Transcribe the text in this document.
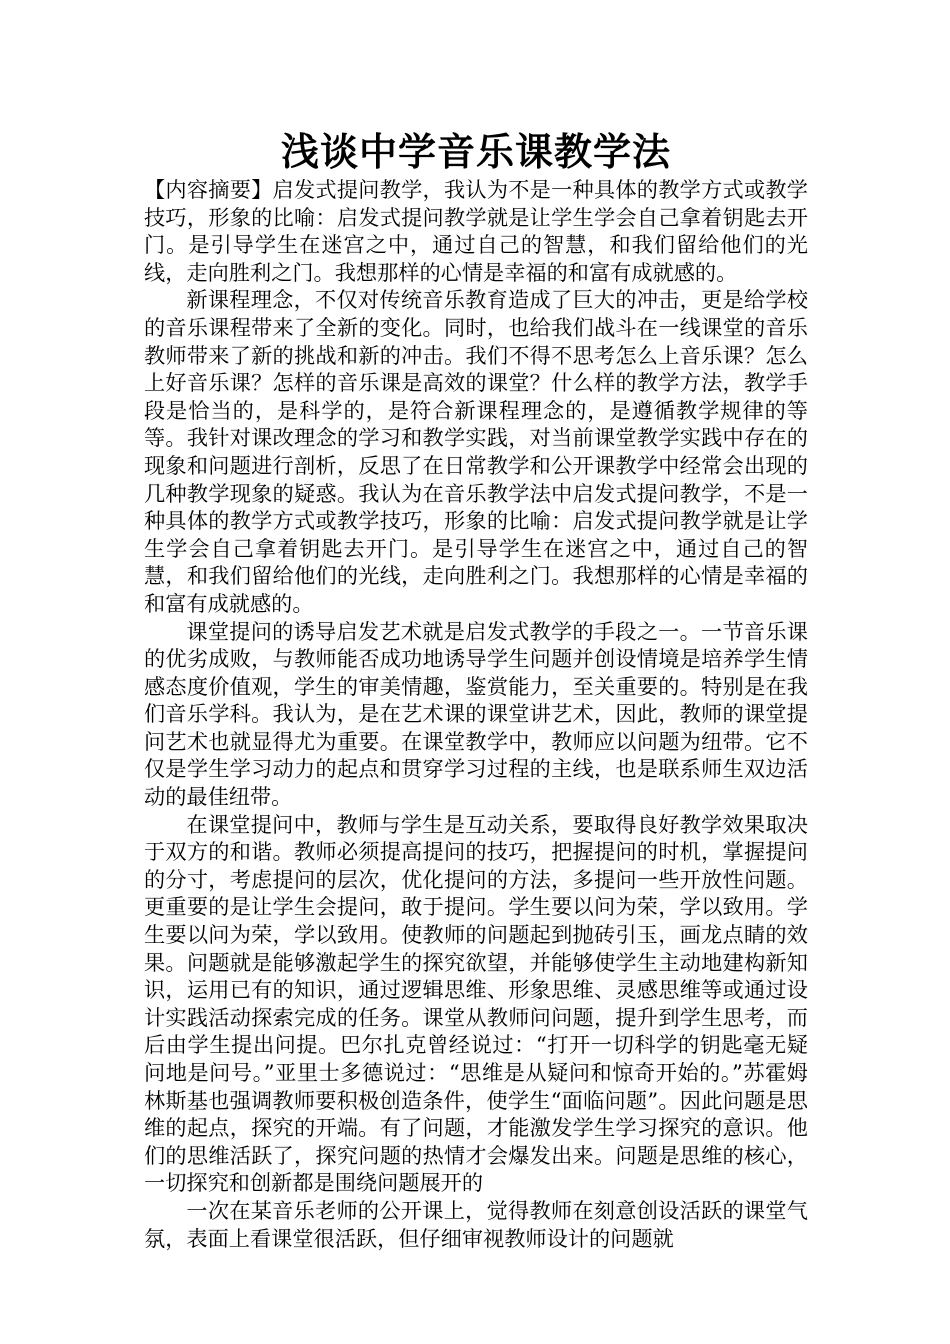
浅谈中学音乐课教学法

【内容摘要】启发式提问教学，我认为不是一种具体的教学方式或教学技巧，形象的比喻：启发式提问教学就是让学生学会自己拿着钥匙去开门。是引导学生在迷宫之中，通过自己的智慧，和我们留给他们的光线，走向胜利之门。我想那样的心情是幸福的和富有成就感的。

新课程理念，不仅对传统音乐教育造成了巨大的冲击，更是给学校的音乐课程带来了全新的变化。同时，也给我们战斗在一线课堂的音乐教师带来了新的挑战和新的冲击。我们不得不思考怎么上音乐课？怎么上好音乐课？怎样的音乐课是高效的课堂？什么样的教学方法，教学手段是恰当的，是科学的，是符合新课程理念的，是遵循教学规律的等等。我针对课改理念的学习和教学实践，对当前课堂教学实践中存在的现象和问题进行剖析，反思了在日常教学和公开课教学中经常会出现的几种教学现象的疑惑。我认为在音乐教学法中启发式提问教学，不是一种具体的教学方式或教学技巧，形象的比喻：启发式提问教学就是让学生学会自己拿着钥匙去开门。是引导学生在迷宫之中，通过自己的智慧，和我们留给他们的光线，走向胜利之门。我想那样的心情是幸福的和富有成就感的。

课堂提问的诱导启发艺术就是启发式教学的手段之一。一节音乐课的优劣成败，与教师能否成功地诱导学生问题并创设情境是培养学生情感态度价值观，学生的审美情趣，鉴赏能力，至关重要的。特别是在我们音乐学科。我认为，是在艺术课的课堂讲艺术，因此，教师的课堂提问艺术也就显得尤为重要。在课堂教学中，教师应以问题为纽带。它不仅是学生学习动力的起点和贯穿学习过程的主线，也是联系师生双边活动的最佳纽带。

在课堂提问中，教师与学生是互动关系，要取得良好教学效果取决于双方的和谐。教师必须提高提问的技巧，把握提问的时机，掌握提问的分寸，考虑提问的层次，优化提问的方法，多提问一些开放性问题。更重要的是让学生会提问，敢于提问。学生要以问为荣，学以致用。学生要以问为荣，学以致用。使教师的问题起到抛砖引玉，画龙点睛的效果。问题就是能够激起学生的探究欲望，并能够使学生主动地建构新知识，运用已有的知识，通过逻辑思维、形象思维、灵感思维等或通过设计实践活动探索完成的任务。课堂从教师问问题，提升到学生思考，而后由学生提出问提。巴尔扎克曾经说过：“打开一切科学的钥匙毫无疑问地是问号。”亚里士多德说过：“思维是从疑问和惊奇开始的。”苏霍姆林斯基也强调教师要积极创造条件，使学生“面临问题”。因此问题是思维的起点，探究的开端。有了问题，才能激发学生学习探究的意识。他们的思维活跃了，探究问题的热情才会爆发出来。问题是思维的核心，一切探究和创新都是围绕问题展开的

一次在某音乐老师的公开课上，觉得教师在刻意创设活跃的课堂气氛，表面上看课堂很活跃，但仔细审视教师设计的问题就
